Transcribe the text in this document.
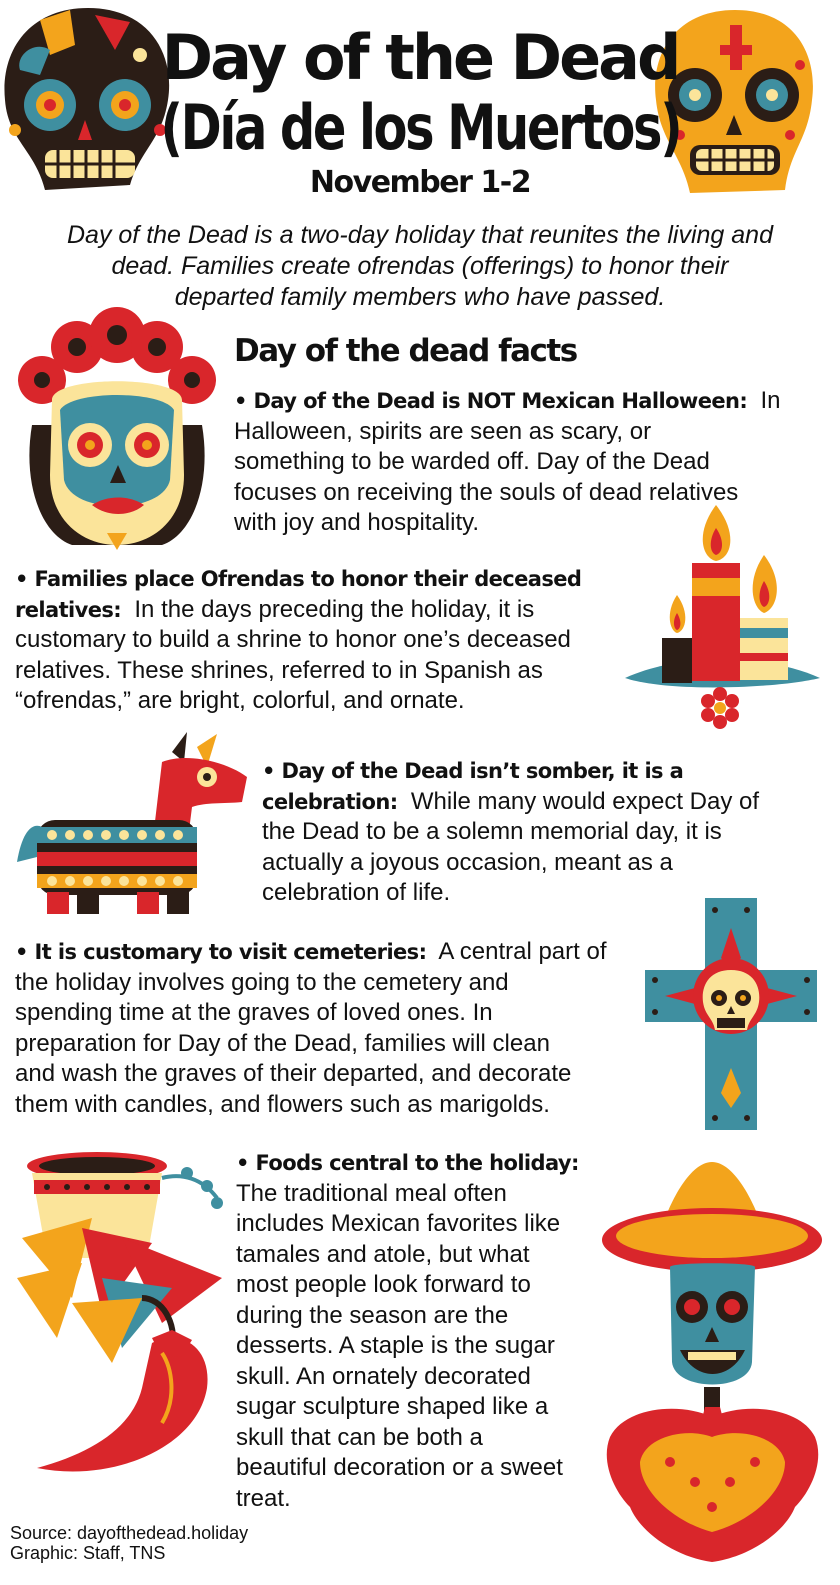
Day of the Dead
(Día de los Muertos)
November 1-2
Day of the Dead is a two-day holiday that reunites the living and
dead. Families create ofrendas (offerings) to honor their
departed family members who have passed.
Day of the dead facts
• Day of the Dead is NOT Mexican Halloween: In
Halloween, spirits are seen as scary, or
something to be warded off. Day of the Dead
focuses on receiving the souls of dead relatives
with joy and hospitality.
• Families place Ofrendas to honor their deceased
relatives: In the days preceding the holiday, it is
customary to build a shrine to honor one’s deceased
relatives. These shrines, referred to in Spanish as
“ofrendas,” are bright, colorful, and ornate.
• Day of the Dead isn’t somber, it is a
celebration: While many would expect Day of
the Dead to be a solemn memorial day, it is
actually a joyous occasion, meant as a
celebration of life.
• It is customary to visit cemeteries: A central part of
the holiday involves going to the cemetery and
spending time at the graves of loved ones. In
preparation for Day of the Dead, families will clean
and wash the graves of their departed, and decorate
them with candles, and flowers such as marigolds.
• Foods central to the holiday:
The traditional meal often
includes Mexican favorites like
tamales and atole, but what
most people look forward to
during the season are the
desserts. A staple is the sugar
skull. An ornately decorated
sugar sculpture shaped like a
skull that can be both a
beautiful decoration or a sweet
treat.
Source: dayofthedead.holiday
Graphic: Staff, TNS
